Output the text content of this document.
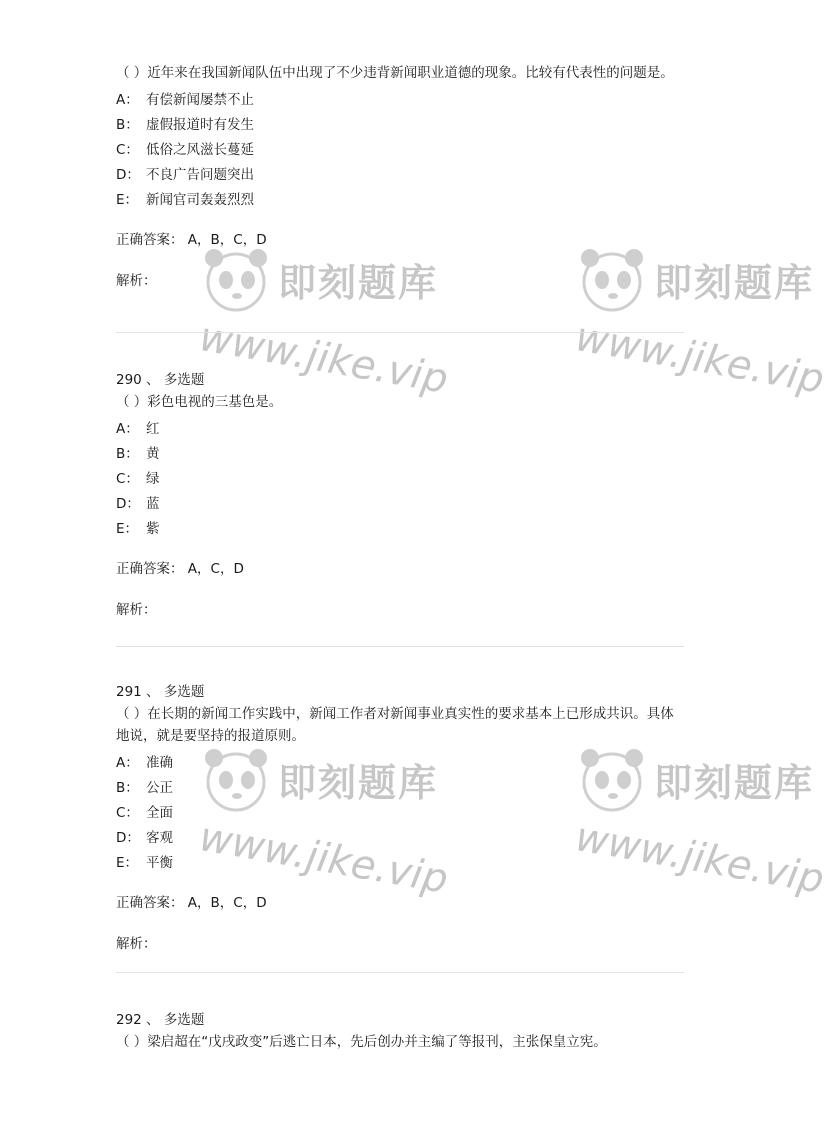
即刻题库
www.jike.vip
即刻题库
www.jike.vip
即刻题库
www.jike.vip
即刻题库
www.jike.vip
（ ）近年来在我国新闻队伍中出现了不少违背新闻职业道德的现象。比较有代表性的问题是。
A： 有偿新闻屡禁不止
B： 虚假报道时有发生
C： 低俗之风滋长蔓延
D： 不良广告问题突出
E： 新闻官司轰轰烈烈
正确答案： A，B，C，D
解析：
290 、 多选题
（ ）彩色电视的三基色是。
A： 红
B： 黄
C： 绿
D： 蓝
E： 紫
正确答案： A，C，D
解析：
291 、 多选题
（ ）在长期的新闻工作实践中，新闻工作者对新闻事业真实性的要求基本上已形成共识。具体地说，就是要坚持的报道原则。
A： 准确
B： 公正
C： 全面
D： 客观
E： 平衡
正确答案： A，B，C，D
解析：
292 、 多选题
（ ）梁启超在“戊戌政变”后逃亡日本，先后创办并主编了等报刊，主张保皇立宪。
